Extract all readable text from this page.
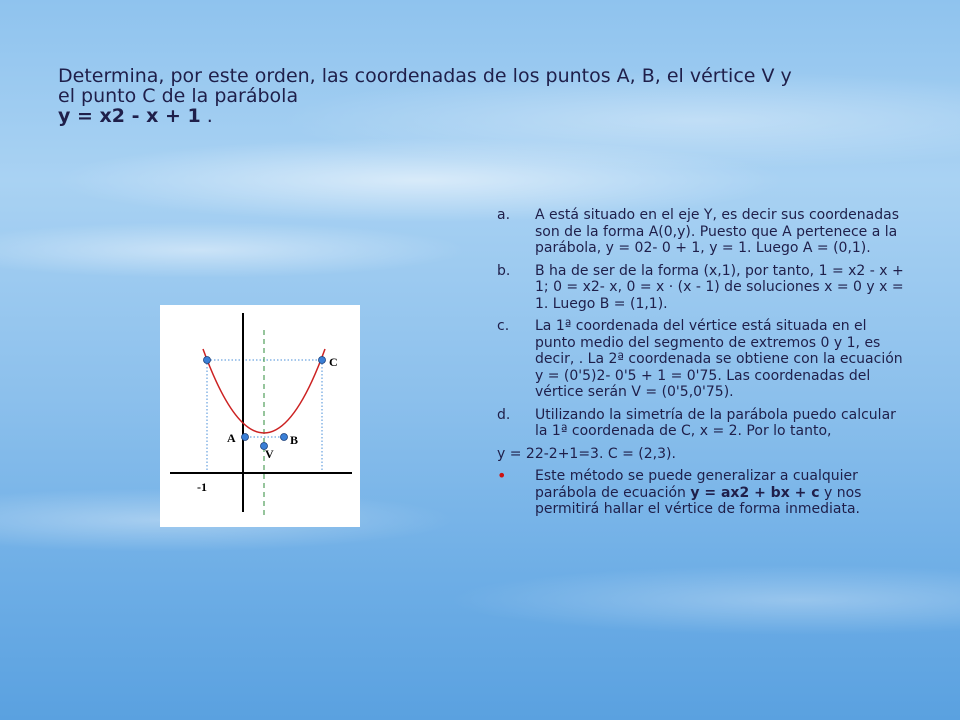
Determina, por este orden, las coordenadas de los puntos A, B, el vértice V y
el punto C de la parábola
y = x2 - x + 1 .
A	B
V
C
-1
a. A está situado en el eje Y, es decir sus coordenadas son de la forma A(0,y). Puesto que A pertenece a la parábola, y = 02- 0 + 1, y = 1. Luego A = (0,1).
b. B ha de ser de la forma (x,1), por tanto, 1 = x2 - x + 1; 0 = x2- x, 0 = x · (x - 1) de soluciones x = 0 y x = 1. Luego B = (1,1).
c. La 1ª coordenada del vértice está situada en el punto medio del segmento de extremos 0 y 1, es decir, . La 2ª coordenada se obtiene con la ecuación y = (0'5)2- 0'5 + 1 = 0'75. Las coordenadas del vértice serán V = (0'5,0'75).
d. Utilizando la simetría de la parábola puedo calcular la 1ª coordenada de C, x = 2. Por lo tanto,
y = 22-2+1=3. C = (2,3).
• Este método se puede generalizar a cualquier parábola de ecuación y = ax2 + bx + c y nos permitirá hallar el vértice de forma inmediata.
